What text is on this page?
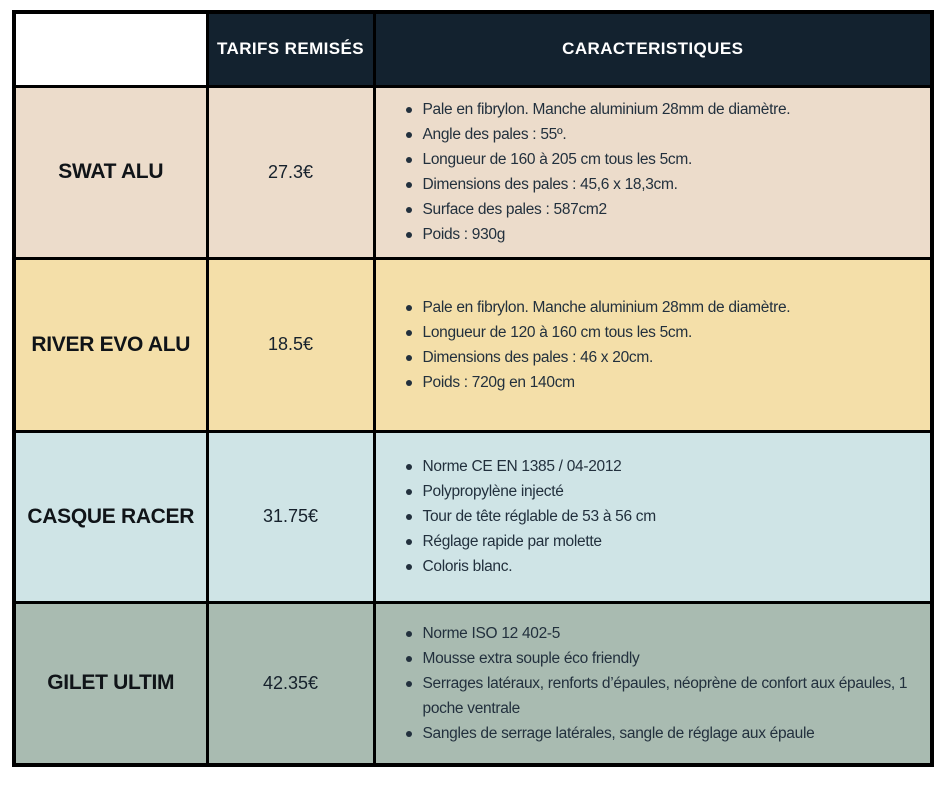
	TARIFS REMISÉS	CARACTERISTIQUES
SWAT ALU	27.3€	
Pale en fibrylon. Manche aluminium 28mm de diamètre.
Angle des pales : 55º.
Longueur de 160 à 205 cm tous les 5cm.
Dimensions des pales : 45,6 x 18,3cm.
Surface des pales : 587cm2
Poids : 930g

RIVER EVO ALU	18.5€	
Pale en fibrylon. Manche aluminium 28mm de diamètre.
Longueur de 120 à 160 cm tous les 5cm.
Dimensions des pales : 46 x 20cm.
Poids : 720g en 140cm

CASQUE RACER	31.75€	
Norme CE EN 1385 / 04-2012
Polypropylène injecté
Tour de tête réglable de 53 à 56 cm
Réglage rapide par molette
Coloris blanc.

GILET ULTIM	42.35€	
Norme ISO 12 402-5
Mousse extra souple éco friendly
Serrages latéraux, renforts d’épaules, néoprène de confort aux épaules, 1 poche ventrale
Sangles de serrage latérales, sangle de réglage aux épaule
